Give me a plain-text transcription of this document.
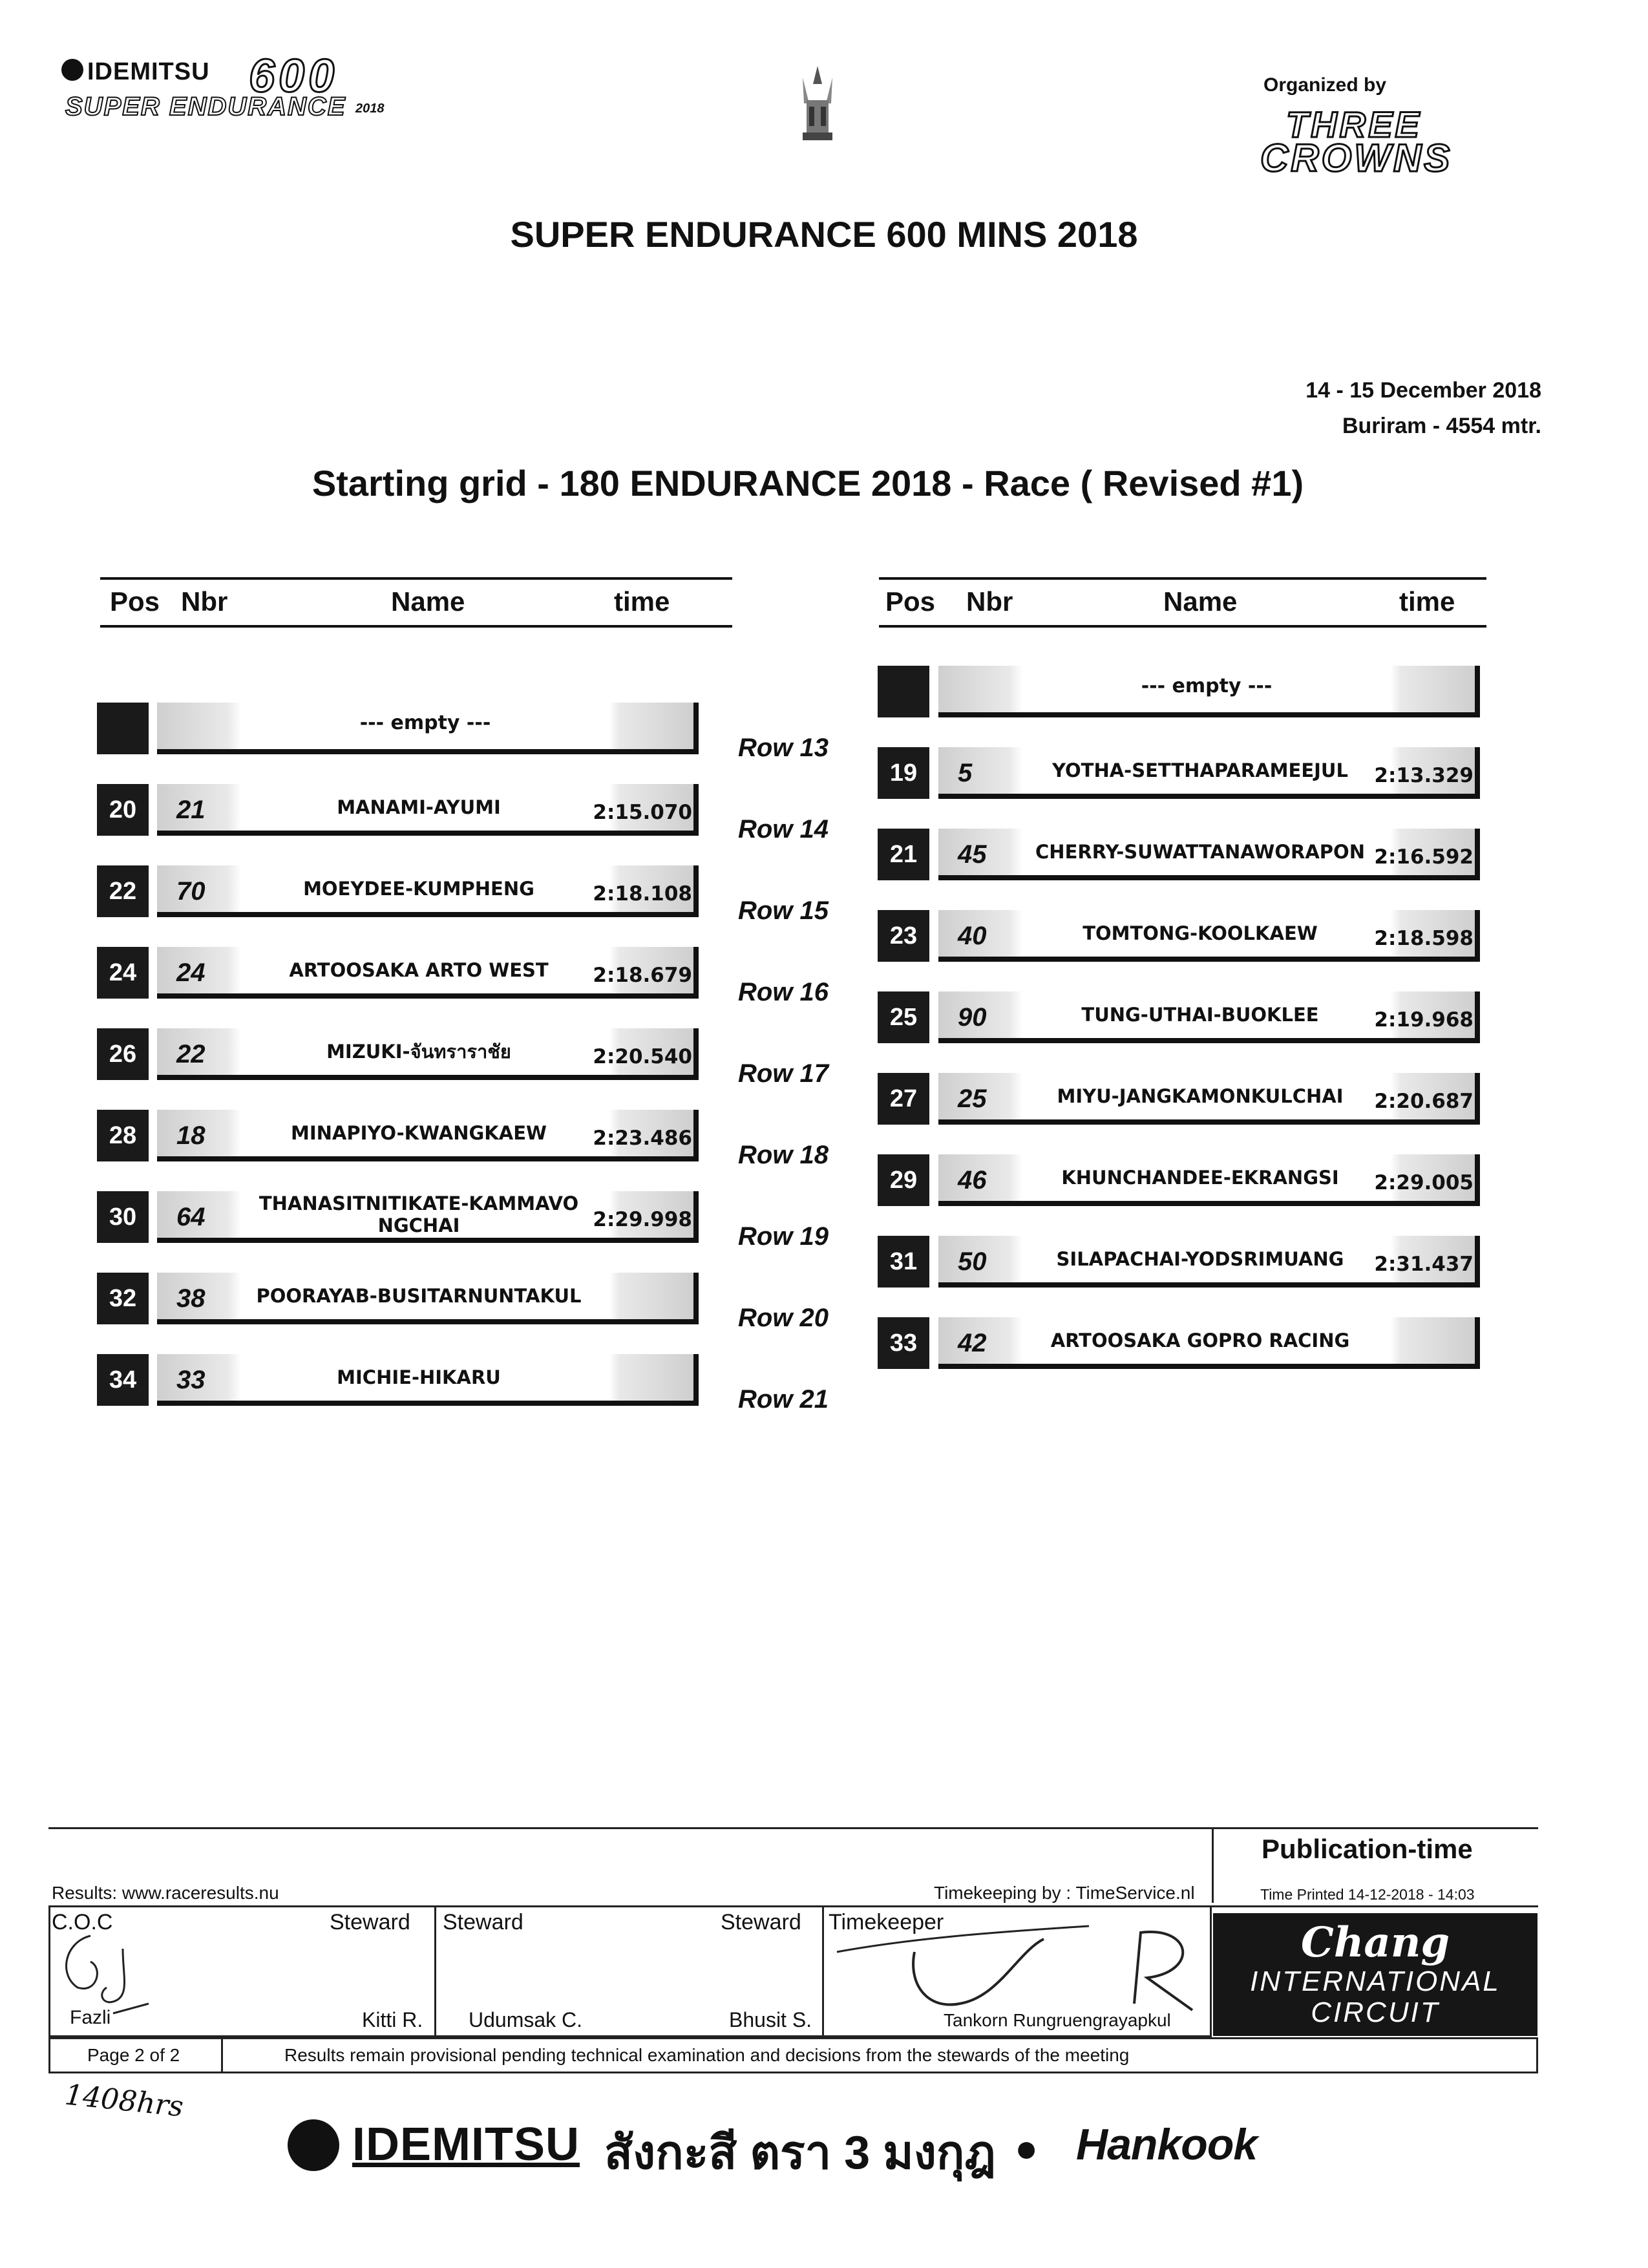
IDEMITSU 600
SUPER ENDURANCE 2018
Organized by
THREE
CROWNS
SUPER ENDURANCE 600 MINS 2018
14 - 15 December 2018
Buriram - 4554 mtr.
Starting grid - 180 ENDURANCE 2018 - Race ( Revised #1)
Pos Nbr	Name	time	Pos Nbr	Name	time
--- empty ---
20	21	MANAMI-AYUMI	2:15.070
22	70	MOEYDEE-KUMPHENG	2:18.108
24	24	ARTOOSAKA ARTO WEST	2:18.679
26	22	MIZUKI-จันทราราชัย	2:20.540
28	18	MINAPIYO-KWANGKAEW	2:23.486
30	64	THANASITNITIKATE-KAMMAVO NGCHAI	2:29.998
32	38	POORAYAB-BUSITARNUNTAKUL
34	33	MICHIE-HIKARU
Row 13
Row 14
Row 15
Row 16
Row 17
Row 18
Row 19
Row 20
Row 21
--- empty ---
19	5	YOTHA-SETTHAPARAMEEJUL	2:13.329
21	45	CHERRY-SUWATTANAWORAPON 2:16.592
23	40	TOMTONG-KOOLKAEW	2:18.598
25	90	TUNG-UTHAI-BUOKLEE	2:19.968
27	25	MIYU-JANGKAMONKULCHAI	2:20.687
29	46	KHUNCHANDEE-EKRANGSI	2:29.005
31	50	SILAPACHAI-YODSRIMUANG	2:31.437
33	42	ARTOOSAKA GOPRO RACING
Publication-time
Results: www.raceresults.nu	Timekeeping by : TimeService.nl	Time Printed 14-12-2018 - 14:03
C.O.C	Steward Steward	Steward Timekeeper
Fazli	Kitti R. Udumsak C.	Bhusit S.	Tankorn Rungruengrayapkul
Chang
INTERNATIONAL
CIRCUIT
Page 2 of 2	Results remain provisional pending technical examination and decisions from the stewards of the meeting
1408hrs
IDEMITSU สังกะสี ตรา 3 มงกุฎ ● Hankook
